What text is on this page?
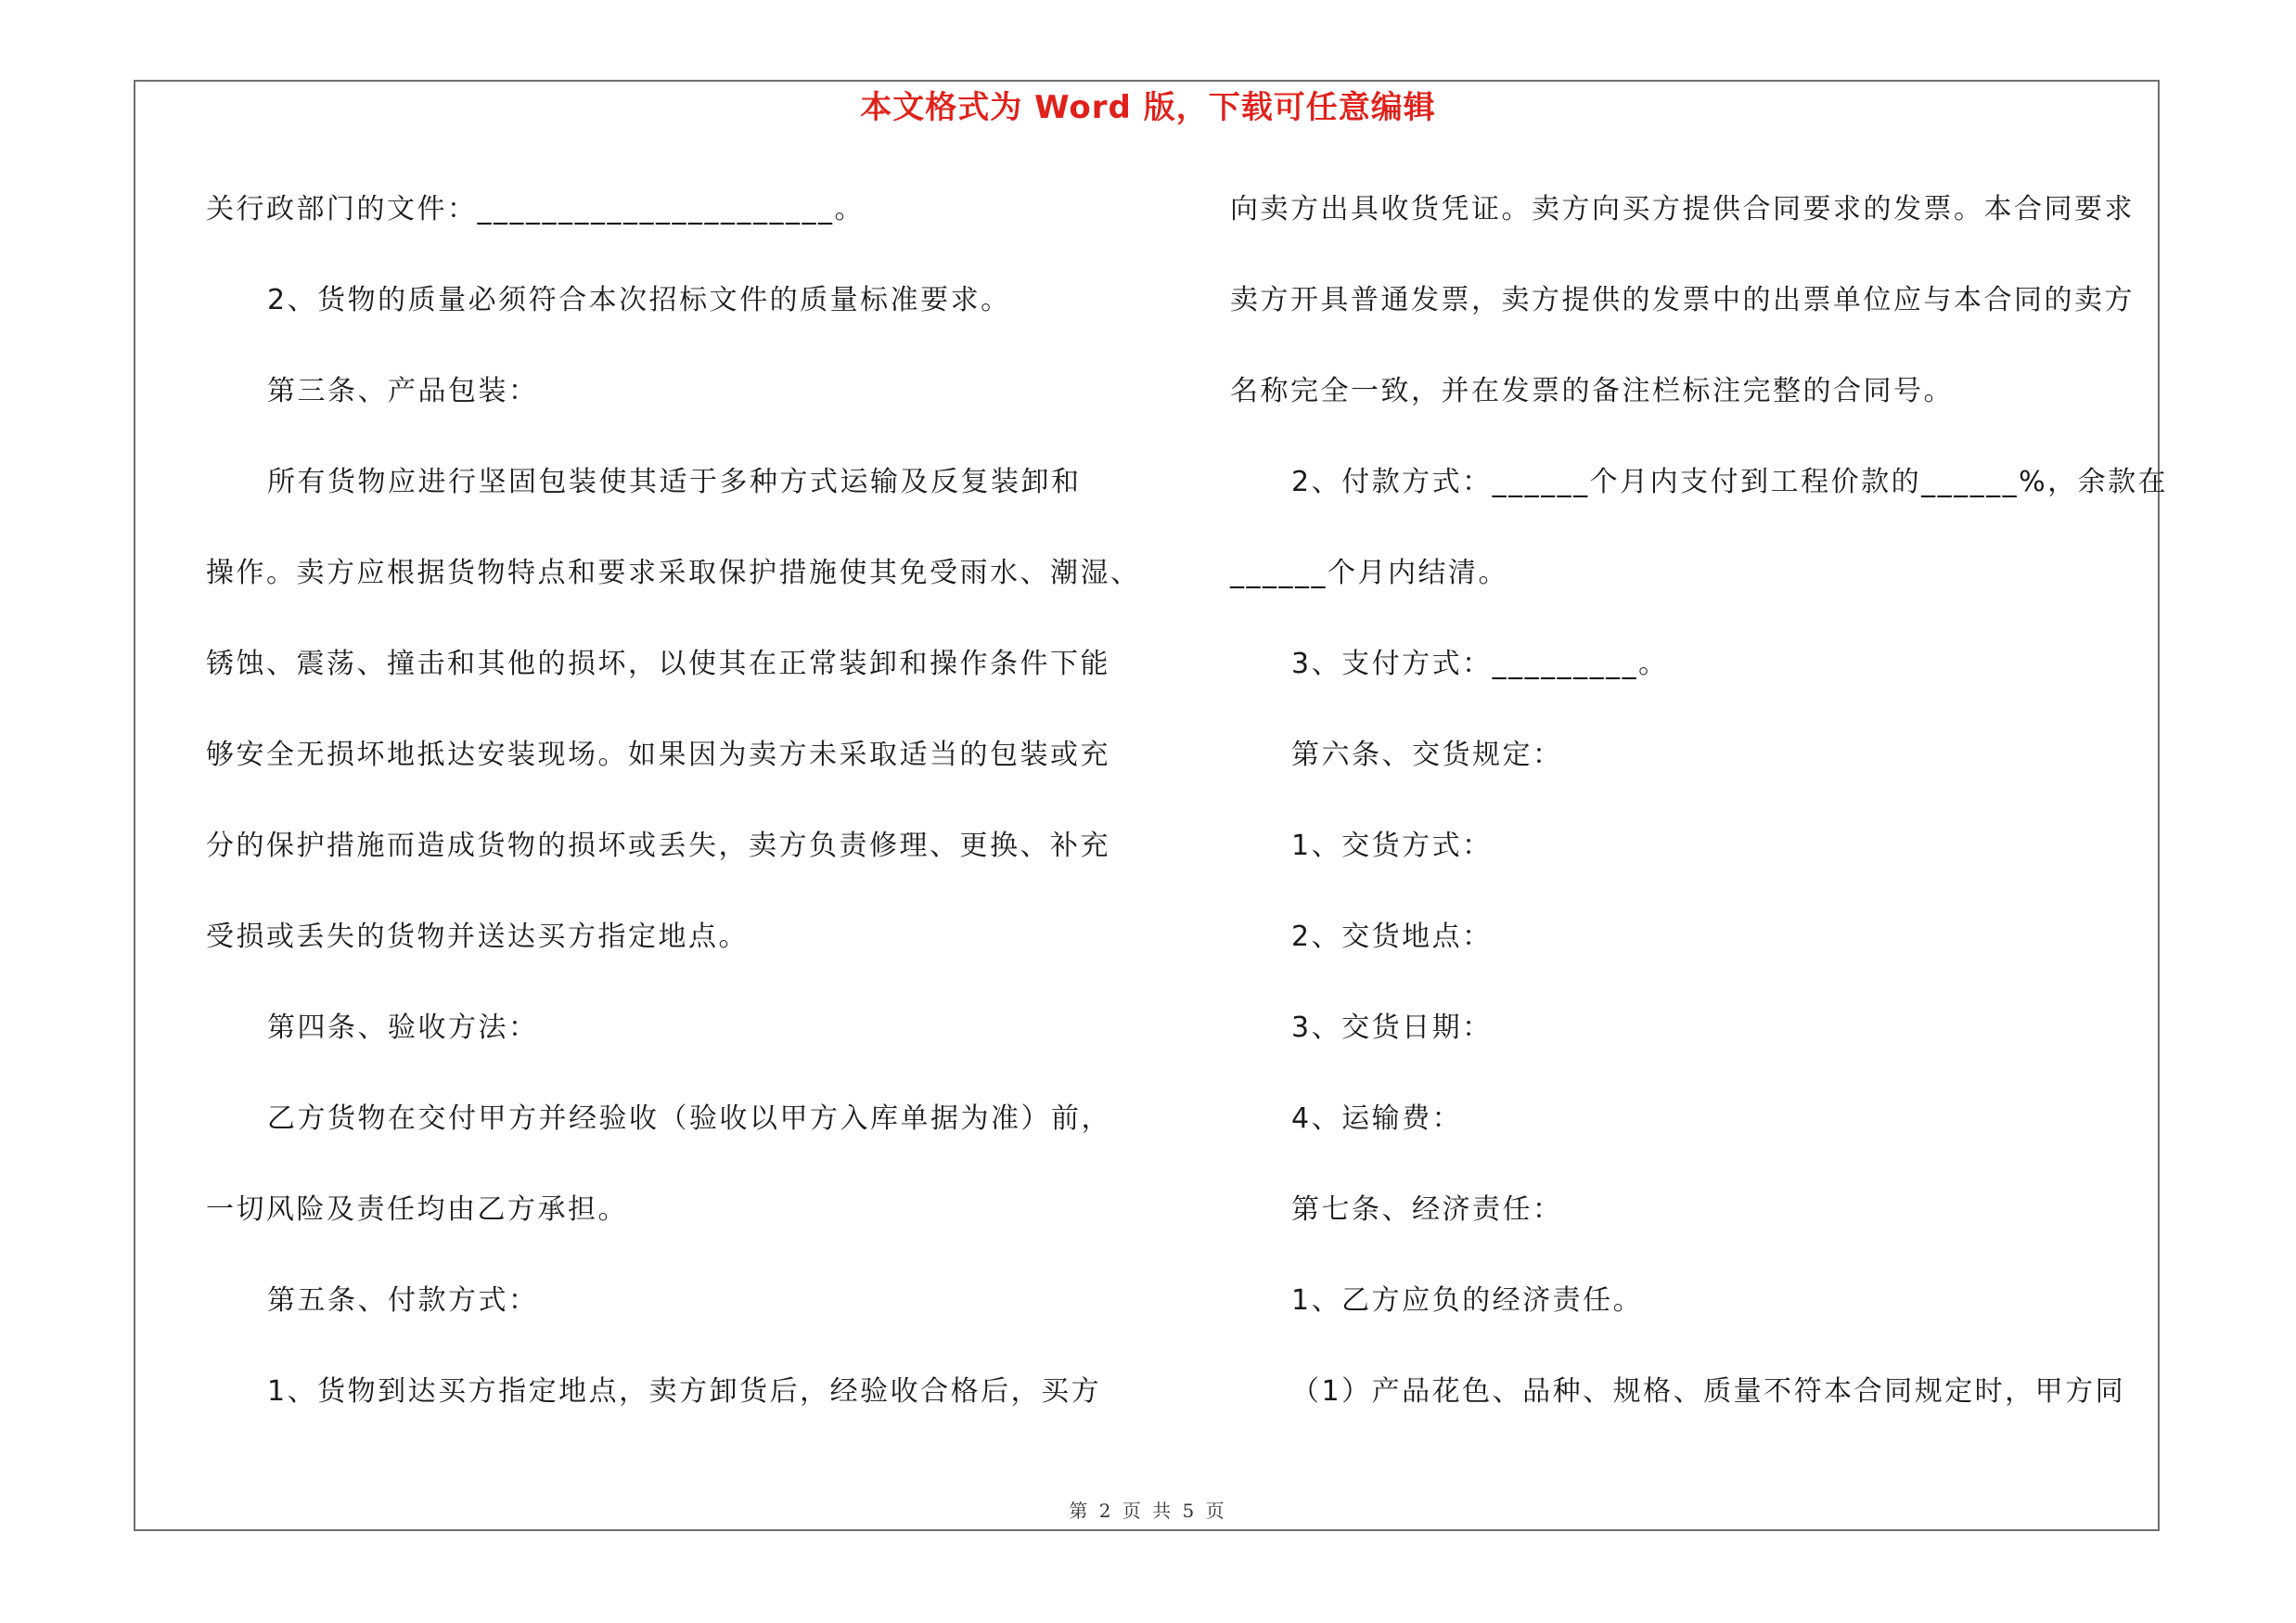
本文格式为 Word 版，下载可任意编辑
关行政部门的文件：______________________。
2、货物的质量必须符合本次招标文件的质量标准要求。
第三条、产品包装：
所有货物应进行坚固包装使其适于多种方式运输及反复装卸和
操作。卖方应根据货物特点和要求采取保护措施使其免受雨水、潮湿、
锈蚀、震荡、撞击和其他的损坏，以使其在正常装卸和操作条件下能
够安全无损坏地抵达安装现场。如果因为卖方未采取适当的包装或充
分的保护措施而造成货物的损坏或丢失，卖方负责修理、更换、补充
受损或丢失的货物并送达买方指定地点。
第四条、验收方法：
乙方货物在交付甲方并经验收（验收以甲方入库单据为准）前，
一切风险及责任均由乙方承担。
第五条、付款方式：
1、货物到达买方指定地点，卖方卸货后，经验收合格后，买方
向卖方出具收货凭证。卖方向买方提供合同要求的发票。本合同要求
卖方开具普通发票，卖方提供的发票中的出票单位应与本合同的卖方
名称完全一致，并在发票的备注栏标注完整的合同号。
2、付款方式：______个月内支付到工程价款的______%，余款在
______个月内结清。
3、支付方式：_________。
第六条、交货规定：
1、交货方式：
2、交货地点：
3、交货日期：
4、运输费：
第七条、经济责任：
1、乙方应负的经济责任。
（1）产品花色、品种、规格、质量不符本合同规定时，甲方同
第 2 页 共 5 页
